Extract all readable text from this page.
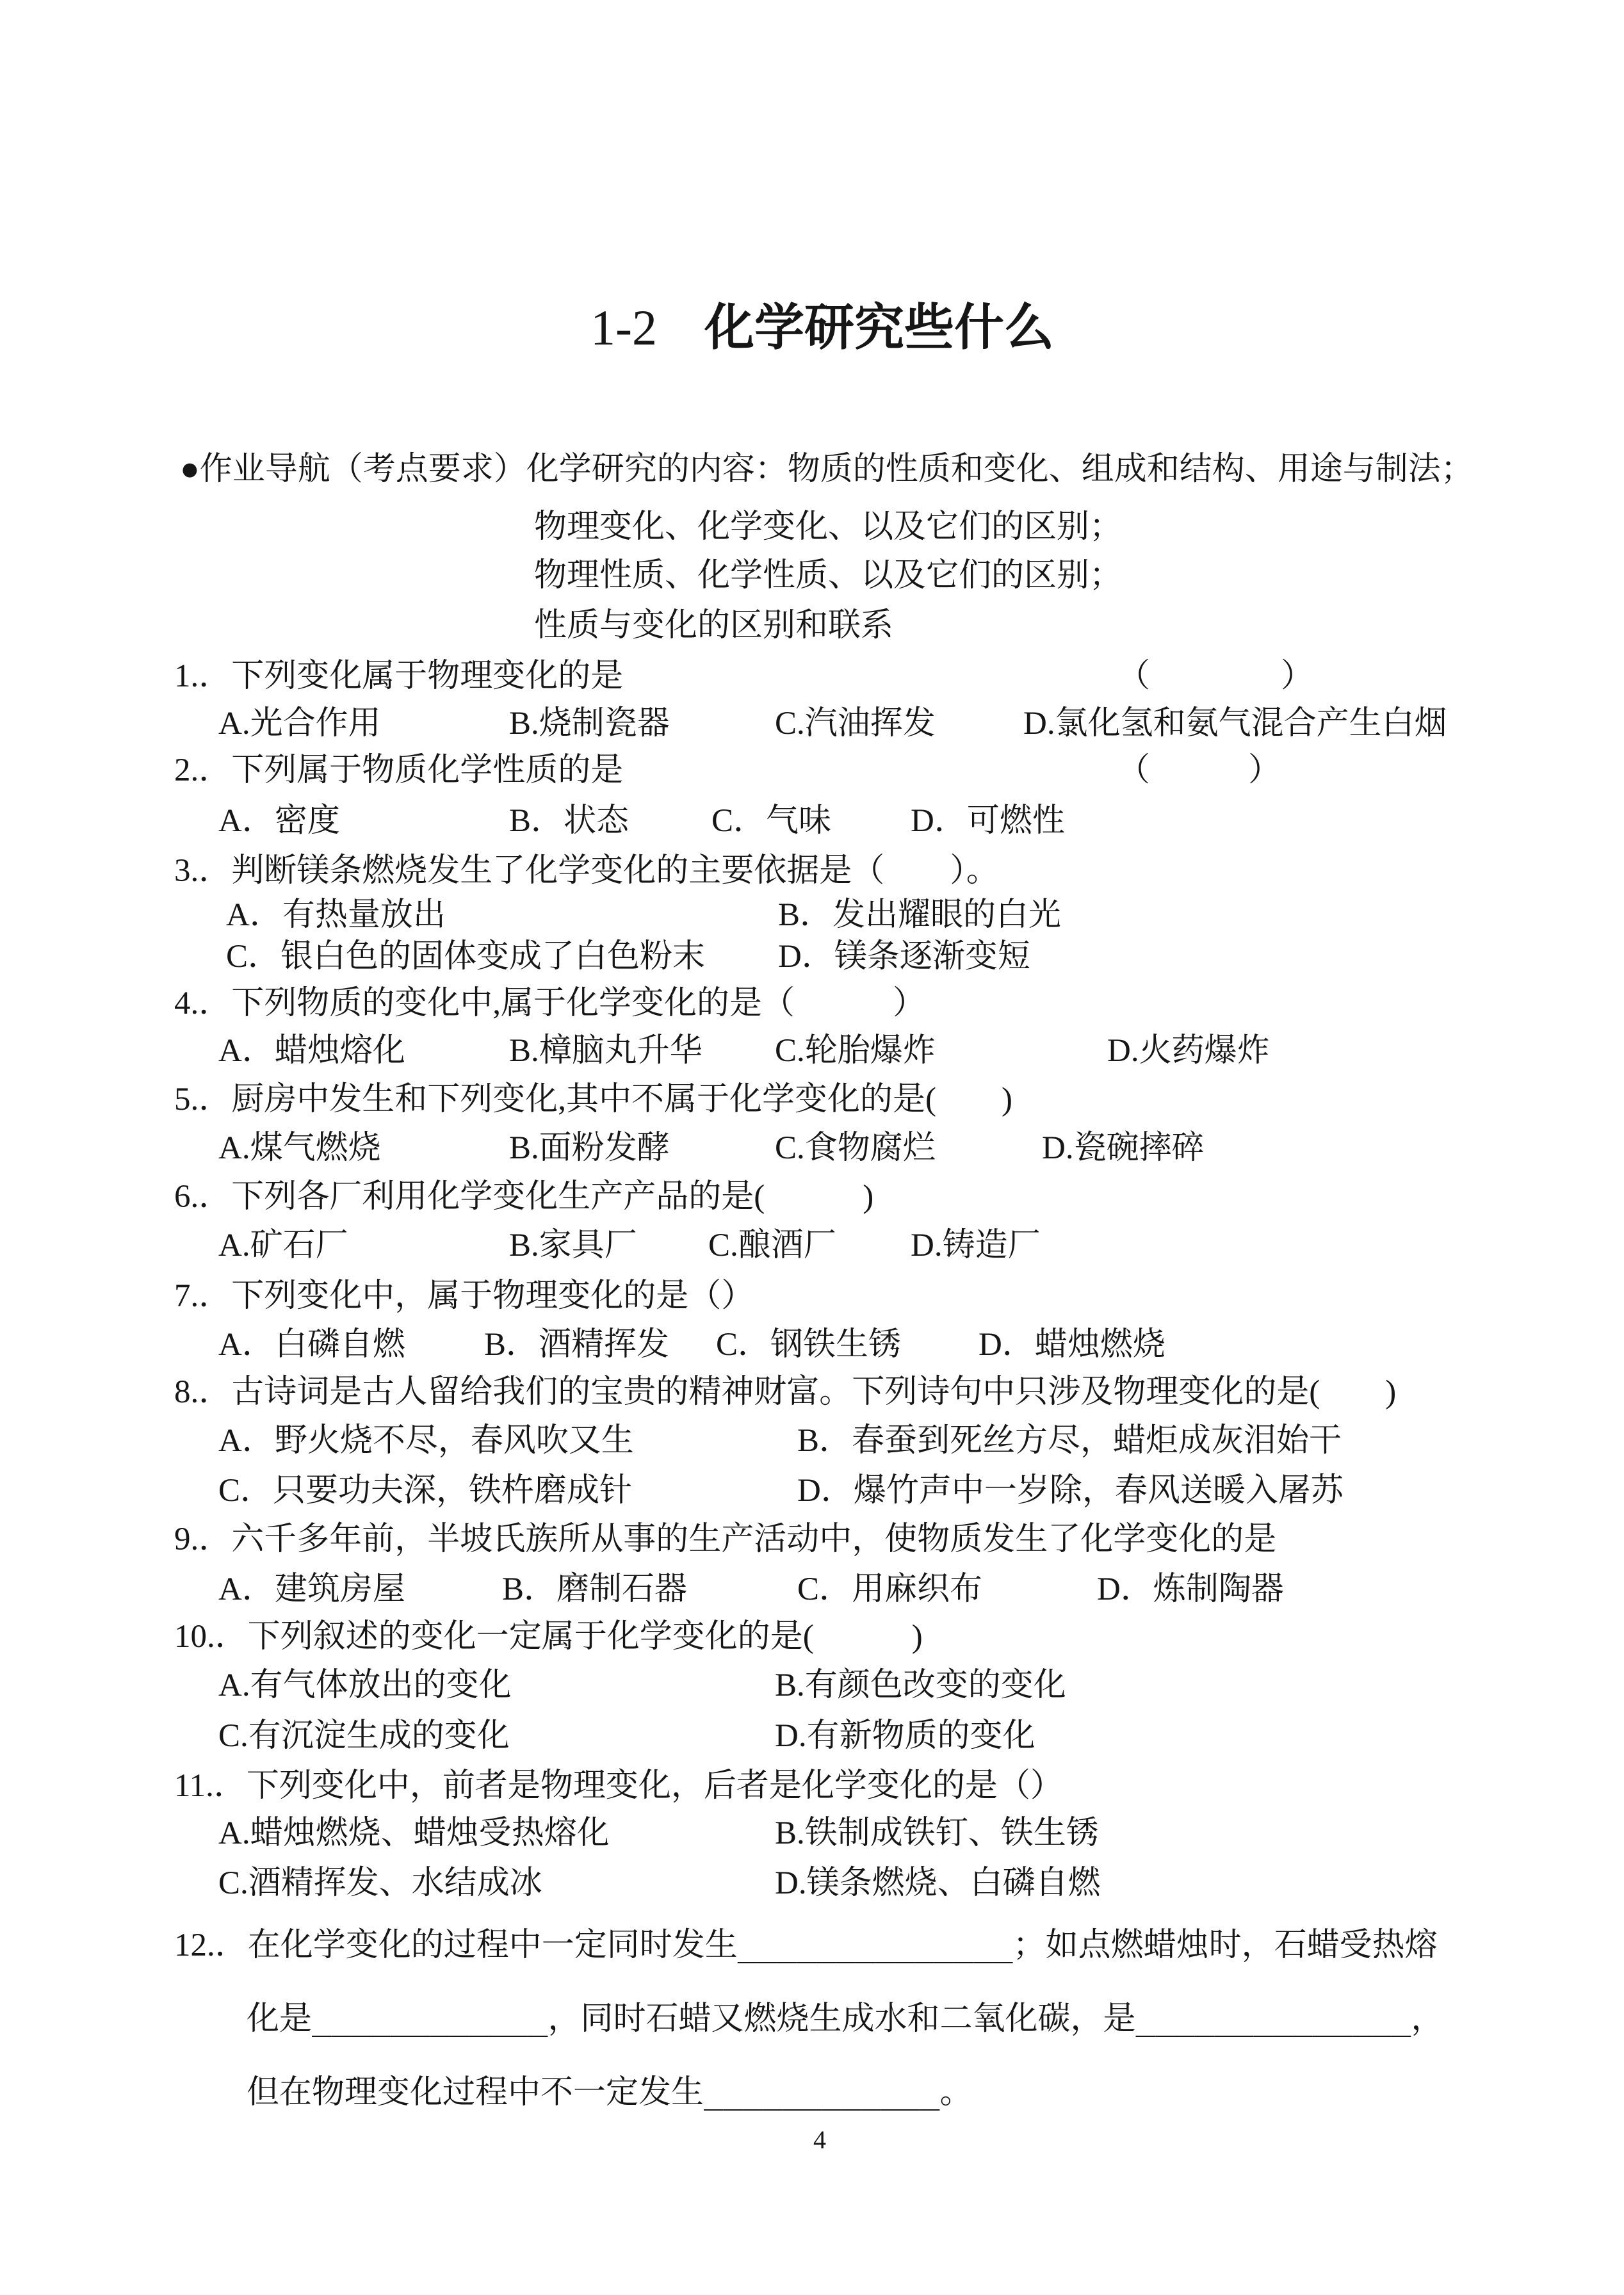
1-2 化学研究些什么
●作业导航（考点要求）化学研究的内容：物质的性质和变化、组成和结构、用途与制法；
物理变化、化学变化、以及它们的区别；
物理性质、化学性质、以及它们的区别；
性质与变化的区别和联系
1.．下列变化属于物理变化的是	（　　　　）
A.光合作用	B.烧制瓷器	C.汽油挥发	D.氯化氢和氨气混合产生白烟
2.．下列属于物质化学性质的是	（　　　）
A．密度	B．状态	C．气味 D．可燃性
3.．判断镁条燃烧发生了化学变化的主要依据是（　　）。
A．有热量放出	B．发出耀眼的白光
C．银白色的固体变成了白色粉末 D．镁条逐渐变短
4.．下列物质的变化中,属于化学变化的是（　　　）
A．蜡烛熔化	B.樟脑丸升华 C.轮胎爆炸	D.火药爆炸
5.．厨房中发生和下列变化,其中不属于化学变化的是(　　)
A.煤气燃烧	B.面粉发酵	C.食物腐烂	D.瓷碗摔碎
6.．下列各厂利用化学变化生产产品的是(　　　)
A.矿石厂	B.家具厂 C.酿酒厂 D.铸造厂
7.．下列变化中，属于物理变化的是（）
A．白磷自燃 B．酒精挥发 C．钢铁生锈 D．蜡烛燃烧
8.．古诗词是古人留给我们的宝贵的精神财富。下列诗句中只涉及物理变化的是(　　)
A．野火烧不尽，春风吹又生	B．春蚕到死丝方尽，蜡炬成灰泪始干
C．只要功夫深，铁杵磨成针	D．爆竹声中一岁除，春风送暖入屠苏
9.．六千多年前，半坡氏族所从事的生产活动中，使物质发生了化学变化的是
A．建筑房屋	B．磨制石器	C．用麻织布	D．炼制陶器
10.．下列叙述的变化一定属于化学变化的是(　　　)
A.有气体放出的变化	B.有颜色改变的变化
C.有沉淀生成的变化	D.有新物质的变化
11.．下列变化中，前者是物理变化，后者是化学变化的是（）
A.蜡烛燃烧、蜡烛受热熔化	B.铁制成铁钉、铁生锈
C.酒精挥发、水结成冰	D.镁条燃烧、白磷自燃
12.．在化学变化的过程中一定同时发生______________；如点燃蜡烛时，石蜡受热熔
化是____________，同时石蜡又燃烧生成水和二氧化碳，是______________，
但在物理变化过程中不一定发生____________。
4
